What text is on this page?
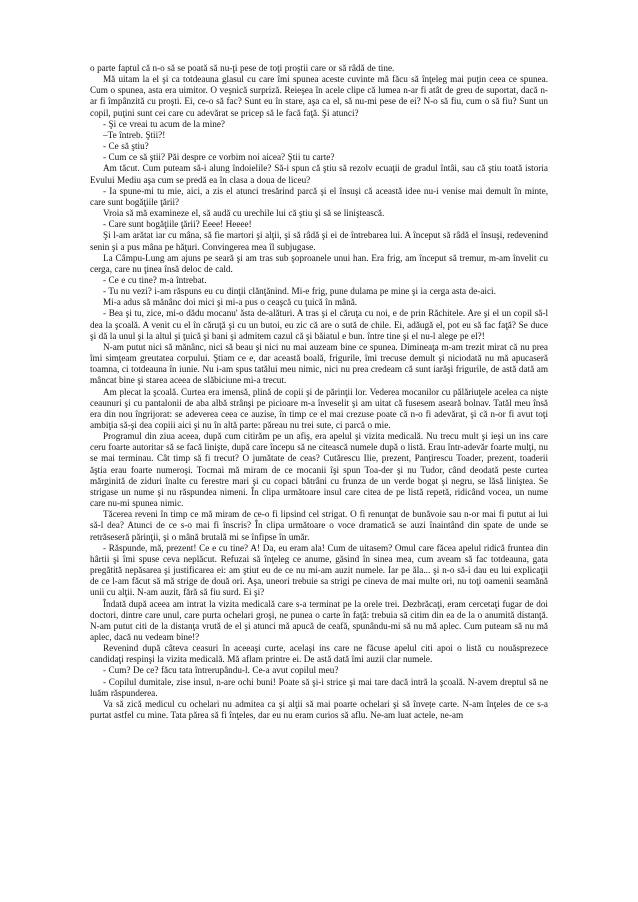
o parte faptul că n-o să se poată să nu-ţi pese de toţi proştii care or să râdă de tine.

Mă uitam la el şi ca totdeauna glasul cu care îmi spunea aceste cuvinte mă făcu să înţeleg mai puţin ceea ce spunea. Cum o spunea, asta era uimitor. O veşnică surpriză. Reieşea în acele clipe că lumea n-ar fi atât de greu de suportat, dacă n-ar fi împânzită cu proşti. Ei, ce-o să fac? Sunt eu în stare, aşa ca el, să nu-mi pese de ei? N-o să fiu, cum o să fiu? Sunt un copil, puţini sunt cei care cu adevărat se pricep să le facă faţă. Şi atunci?

- Şi ce vreai tu acum de la mine?

–Te întreb. Ştii?!

- Ce să ştiu?

- Cum ce să ştii? Păi despre ce vorbim noi aicea? Ştii tu carte?

Am tăcut. Cum puteam să-i alung îndoielile? Să-i spun că ştiu să rezolv ecuaţii de gradul întâi, sau că ştiu toată istoria Evului Mediu aşa cum se predă ea în clasa a doua de liceu?

- Ia spune-mi tu mie, aici, a zis el atunci tresărind parcă şi el însuşi că această idee nu-i venise mai demult în minte, care sunt bogăţiile ţării?

Vroia să mă examineze el, să audă cu urechile lui că ştiu şi să se liniştească.

- Care sunt bogăţiile ţării? Eeee! Heeee!

Şi l-am arătat iar cu mâna, să fie martori şi alţii, şi să râdă şi ei de întrebarea lui. A început să râdă el însuşi, redevenind senin şi a pus mâna pe hăţuri. Convingerea mea îl subjugase.

La Câmpu-Lung am ajuns pe seară şi am tras sub şoproanele unui han. Era frig, am început să tremur, m-am învelit cu cerga, care nu ţinea însă deloc de cald.

- Ce e cu tine? m-a întrebat.

- Tu nu vezi? i-am răspuns eu cu dinţii clănţănind. Mi-e frig, pune dulama pe mine şi ia cerga asta de-aici.

Mi-a adus să mănânc doi mici şi mi-a pus o ceaşcă cu ţuică în mână.

- Bea şi tu, zice, mi-o dădu mocanu' ăsta de-alături. A tras şi el căruţa cu noi, e de prin Răchitele. Are şi el un copil să-l dea la şcoală. A venit cu el în căruţă şi cu un butoi, eu zic că are o sută de chile. Ei, adăugă el, pot eu să fac faţă? Se duce şi dă la unul şi la altul şi ţuică şi bani şi admitem cazul că şi băiatul e bun. între tine şi el nu-l alege pe el?!

N-am putut nici să mănânc, nici să beau şi nici nu mai auzeam bine ce spunea. Dimineaţa m-am trezit mirat că nu prea îmi simţeam greutatea corpului. Ştiam ce e, dar această boală, frigurile, îmi trecuse demult şi niciodată nu mă apucaseră toamna, ci totdeauna în iunie. Nu i-am spus tatălui meu nimic, nici nu prea credeam că sunt iarăşi frigurile, de astă dată am mâncat bine şi starea aceea de slăbiciune mi-a trecut.

Am plecat la şcoală. Curtea era imensă, plină de copii şi de părinţii lor. Vederea mocanilor cu pălăriuţele acelea ca nişte ceaunuri şi cu pantalonii de aba albă strânşi pe picioare m-a înveselit şi am uitat că fusesem aseară bolnav. Tatăl meu însă era din nou îngrijorat: se adeverea ceea ce auzise, în timp ce el mai crezuse poate că n-o fi adevărat, şi că n-or fi avut toţi ambiţia să-şi dea copiii aici şi nu în altă parte: păreau nu trei sute, ci parcă o mie.

Programul din ziua aceea, după cum citirăm pe un afiş, era apelul şi vizita medicală. Nu trecu mult şi ieşi un ins care ceru foarte autoritar să se facă linişte, după care începu să ne citească numele după o listă. Erau într-adevăr foarte mulţi, nu se mai terminau. Cât timp să fi trecut? O jumătate de ceas? Cutărescu Ilie, prezent, Panţirescu Toader, prezent, toaderii ăştia erau foarte numeroşi. Tocmai mă miram de ce mocanii îşi spun Toa-der şi nu Tudor, când deodată peste curtea mărginită de ziduri înalte cu ferestre mari şi cu copaci bătrâni cu frunza de un verde bogat şi negru, se lăsă liniştea. Se strigase un nume şi nu răspundea nimeni. În clipa următoare insul care citea de pe listă repetă, ridicând vocea, un nume care nu-mi spunea nimic.

Tăcerea reveni în timp ce mă miram de ce-o fi lipsind cel strigat. O fi renunţat de bunăvoie sau n-or mai fi putut ai lui să-l dea? Atunci de ce s-o mai fi înscris? În clipa următoare o voce dramatică se auzi înaintând din spate de unde se retrăseseră părinţii, şi o mână brutală mi se înfipse în umăr.

- Răspunde, mă, prezent! Ce e cu tine? A! Da, eu eram ala! Cum de uitasem? Omul care făcea apelul ridică fruntea din hârtii şi îmi spuse ceva neplăcut. Refuzai să înţeleg ce anume, găsind în sinea mea, cum aveam să fac totdeauna, gata pregătită nepăsarea şi justificarea ei: am ştiut eu de ce nu mi-am auzit numele. Iar pe ăla... şi n-o să-i dau eu lui explicaţii de ce l-am făcut să mă strige de două ori. Aşa, uneori trebuie sa strigi pe cineva de mai multe ori, nu toţi oamenii seamănă unii cu alţii. N-am auzit, fără să fiu surd. Ei şi?

Îndată după aceea am intrat la vizita medicală care s-a terminat pe la orele trei. Dezbrăcaţi, eram cercetaţi fugar de doi doctori, dintre care unul, care purta ochelari groşi, ne punea o carte în faţă: trebuia să citim din ea de la o anumită distanţă. N-am putut citi de la distanţa vrută de el şi atunci mă apucă de ceafă, spunându-mi să nu mă aplec. Cum puteam să nu mă aplec, dacă nu vedeam bine!?

Revenind după câteva ceasuri în aceeaşi curte, acelaşi ins care ne făcuse apelul citi apoi o listă cu nouăsprezece candidaţi respinşi la vizita medicală. Mă aflam printre ei. De astă dată îmi auzii clar numele.

- Cum? De ce? făcu tata întrerupându-l. Ce-a avut copilul meu?

- Copilul dumitale, zise insul, n-are ochi buni! Poate să şi-i strice şi mai tare dacă intră la şcoală. N-avem dreptul să ne luăm răspunderea.

Va să zică medicul cu ochelari nu admitea ca şi alţii să mai poarte ochelari şi să învețe carte. N-am înţeles de ce s-a purtat astfel cu mine. Tata părea să fi înţeles, dar eu nu eram curios să aflu. Ne-am luat actele, ne-am
